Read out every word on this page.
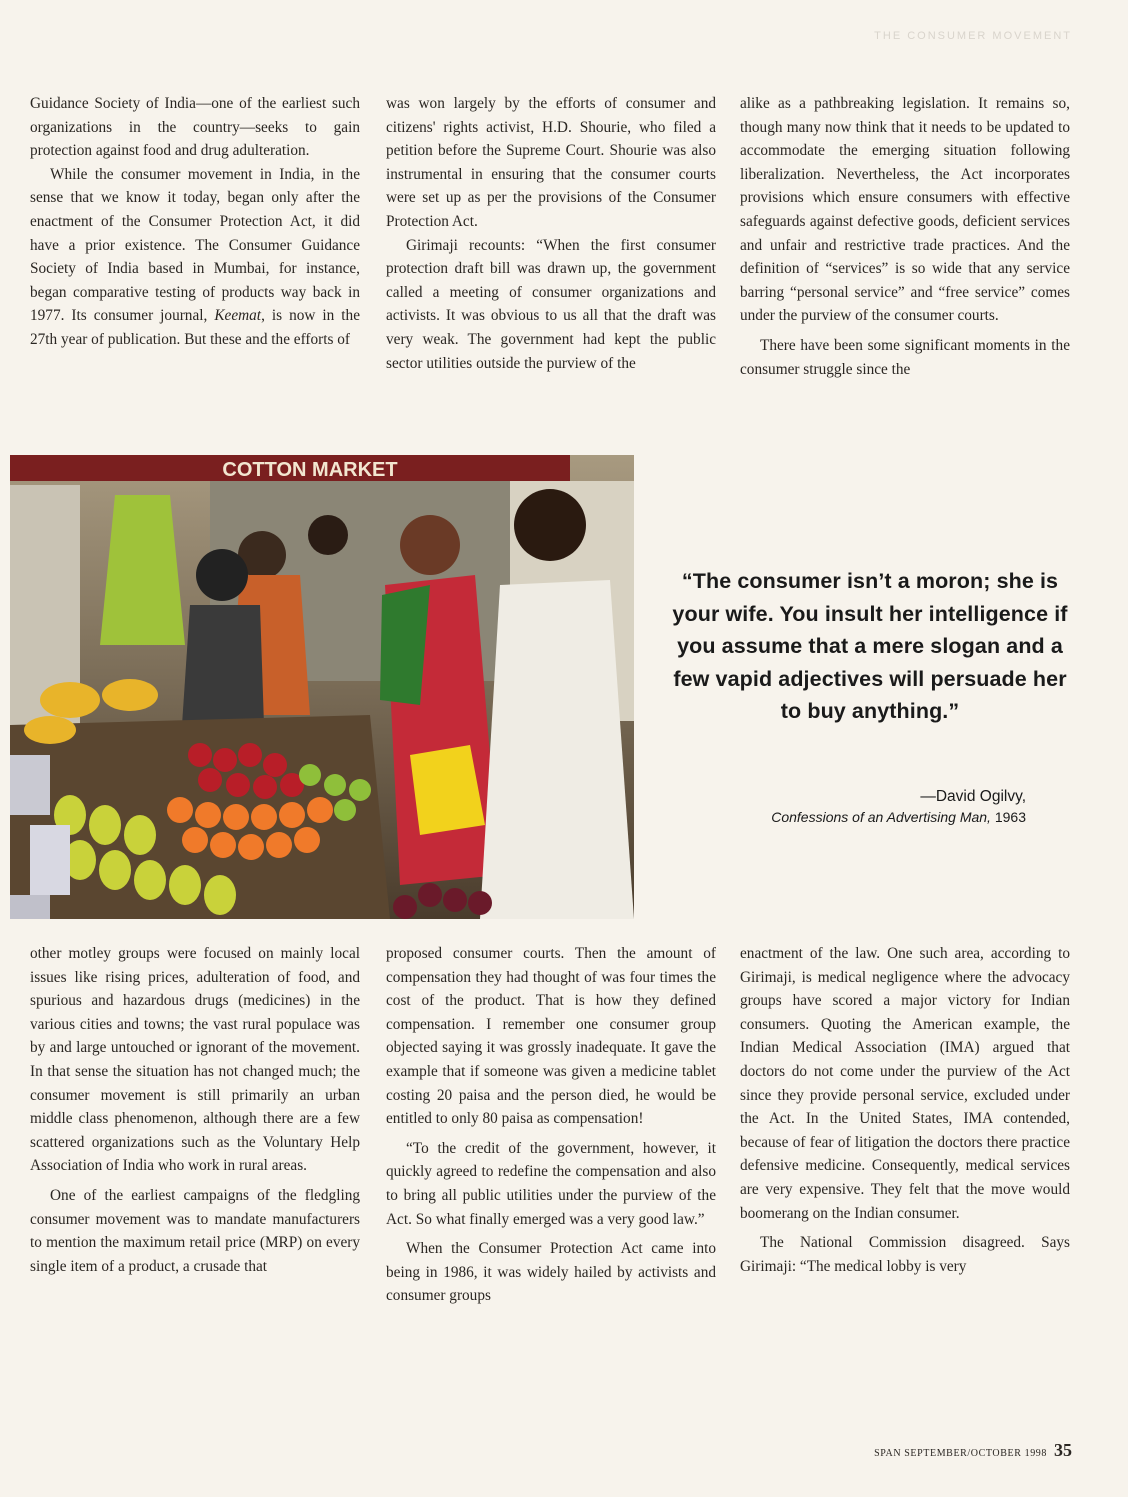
THE CONSUMER MOVEMENT

Guidance Society of India—one of the earliest such organizations in the country—seeks to gain protection against food and drug adulteration.

While the consumer movement in India, in the sense that we know it today, began only after the enactment of the Consumer Protection Act, it did have a prior existence. The Consumer Guidance Society of India based in Mumbai, for instance, began comparative testing of products way back in 1977. Its consumer journal, Keemat, is now in the 27th year of publication. But these and the efforts of

was won largely by the efforts of consumer and citizens' rights activist, H.D. Shourie, who filed a petition before the Supreme Court. Shourie was also instrumental in ensuring that the consumer courts were set up as per the provisions of the Consumer Protection Act.

Girimaji recounts: “When the first consumer protection draft bill was drawn up, the government called a meeting of consumer organizations and activists. It was obvious to us all that the draft was very weak. The government had kept the public sector utilities outside the purview of the

alike as a pathbreaking legislation. It remains so, though many now think that it needs to be updated to accommodate the emerging situation following liberalization. Nevertheless, the Act incorporates provisions which ensure consumers with effective safeguards against defective goods, deficient services and unfair and restrictive trade practices. And the definition of “services” is so wide that any service barring “personal service” and “free service” comes under the purview of the consumer courts.

There have been some significant moments in the consumer struggle since the

COTTON MARKET
“The consumer isn’t a moron; she is your wife. You insult her intelligence if you assume that a mere slogan and a few vapid adjectives will persuade her to buy anything.”
—David Ogilvy,
Confessions of an Advertising Man, 1963

other motley groups were focused on mainly local issues like rising prices, adulteration of food, and spurious and hazardous drugs (medicines) in the various cities and towns; the vast rural populace was by and large untouched or ignorant of the movement. In that sense the situation has not changed much; the consumer movement is still primarily an urban middle class phenomenon, although there are a few scattered organizations such as the Voluntary Help Association of India who work in rural areas.

One of the earliest campaigns of the fledgling consumer movement was to mandate manufacturers to mention the maximum retail price (MRP) on every single item of a product, a crusade that

proposed consumer courts. Then the amount of compensation they had thought of was four times the cost of the product. That is how they defined compensation. I remember one consumer group objected saying it was grossly inadequate. It gave the example that if someone was given a medicine tablet costing 20 paisa and the person died, he would be entitled to only 80 paisa as compensation!

“To the credit of the government, however, it quickly agreed to redefine the compensation and also to bring all public utilities under the purview of the Act. So what finally emerged was a very good law.”

When the Consumer Protection Act came into being in 1986, it was widely hailed by activists and consumer groups

enactment of the law. One such area, according to Girimaji, is medical negligence where the advocacy groups have scored a major victory for Indian consumers. Quoting the American example, the Indian Medical Association (IMA) argued that doctors do not come under the purview of the Act since they provide personal service, excluded under the Act. In the United States, IMA contended, because of fear of litigation the doctors there practice defensive medicine. Consequently, medical services are very expensive. They felt that the move would boomerang on the Indian consumer.

The National Commission disagreed. Says Girimaji: “The medical lobby is very

SPAN SEPTEMBER/OCTOBER 1998 35
